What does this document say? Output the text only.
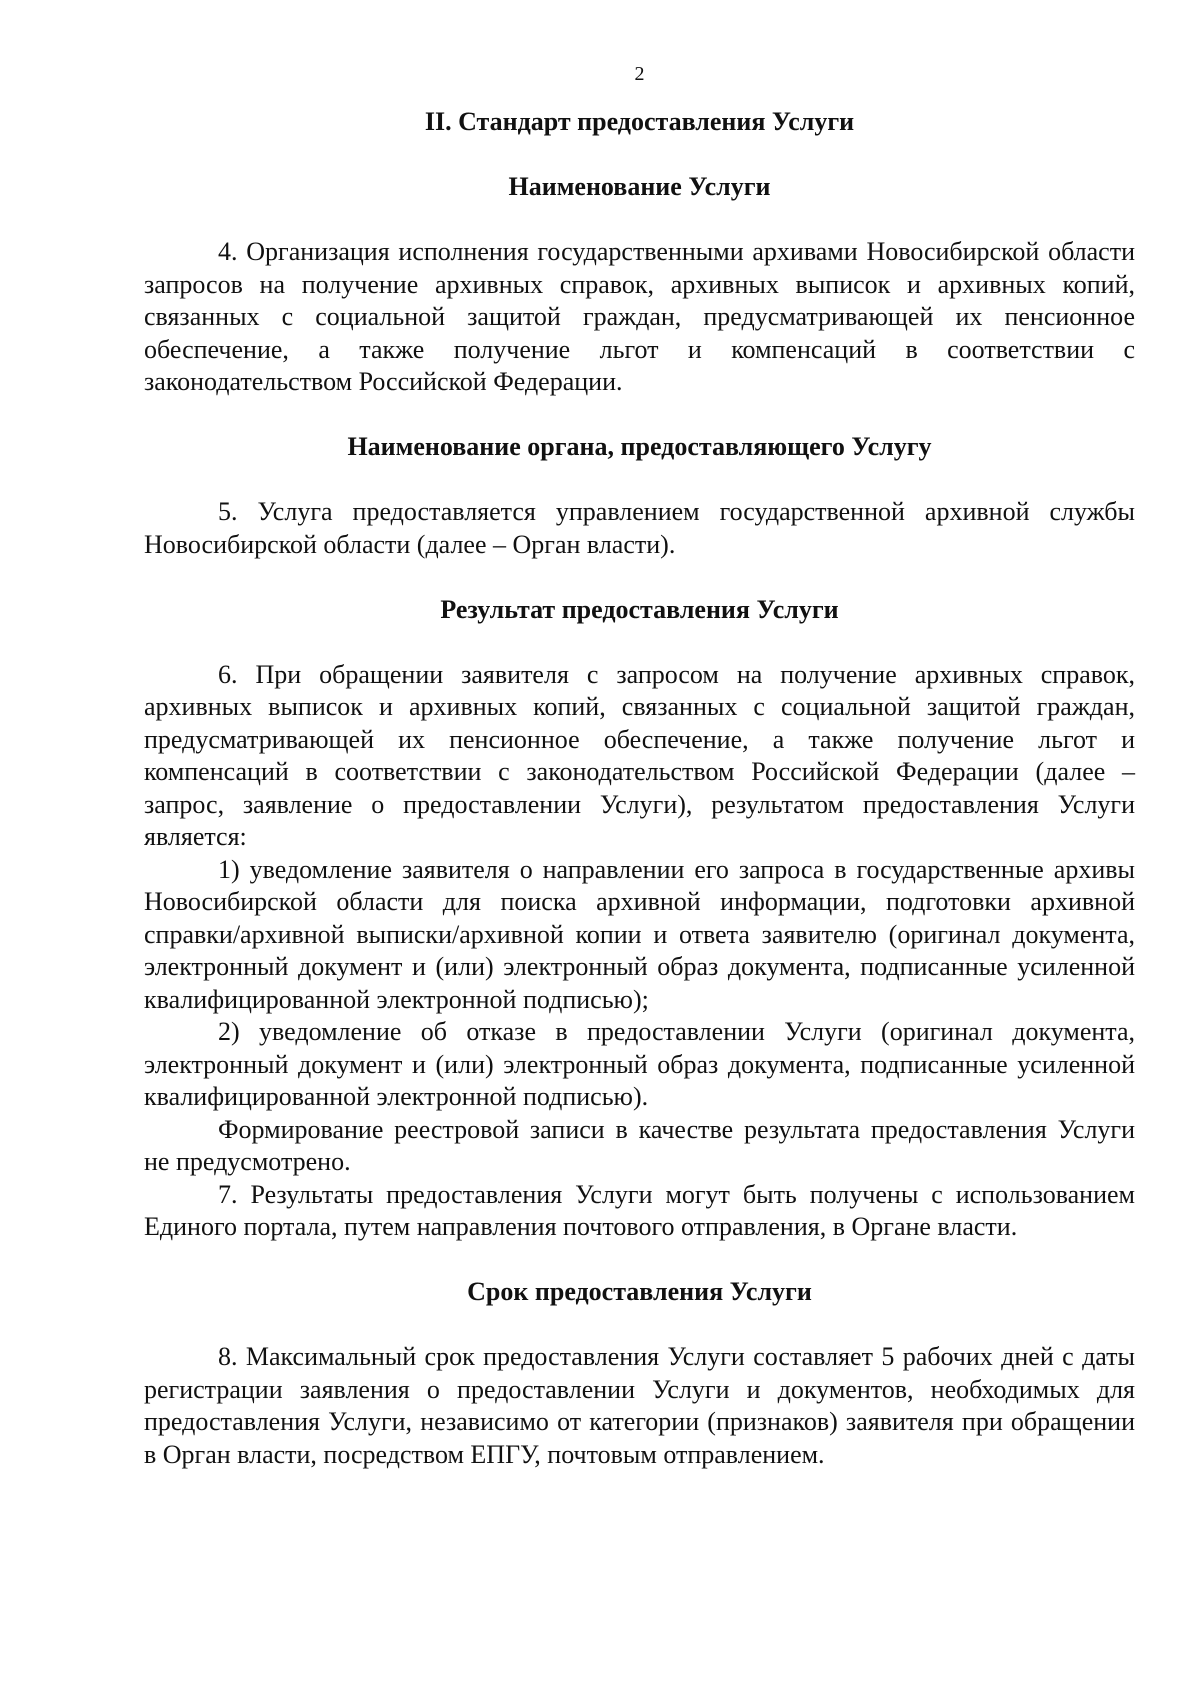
2
II. Стандарт предоставления Услуги
Наименование Услуги

4. Организация исполнения государственными архивами Новосибирской области запросов на получение архивных справок, архивных выписок и архивных копий, связанных с социальной защитой граждан, предусматривающей их пенсионное обеспечение, а также получение льгот и компенсаций в соответствии с законодательством Российской Федерации.

Наименование органа, предоставляющего Услугу

5. Услуга предоставляется управлением государственной архивной службы Новосибирской области (далее – Орган власти).

Результат предоставления Услуги

6. При обращении заявителя с запросом на получение архивных справок, архивных выписок и архивных копий, связанных с социальной защитой граждан, предусматривающей их пенсионное обеспечение, а также получение льгот и компенсаций в соответствии с законодательством Российской Федерации (далее – запрос, заявление о предоставлении Услуги), результатом предоставления Услуги является:

1) уведомление заявителя о направлении его запроса в государственные архивы Новосибирской области для поиска архивной информации, подготовки архивной справки/архивной выписки/архивной копии и ответа заявителю (оригинал документа, электронный документ и (или) электронный образ документа, подписанные усиленной квалифицированной электронной подписью);

2) уведомление об отказе в предоставлении Услуги (оригинал документа, электронный документ и (или) электронный образ документа, подписанные усиленной квалифицированной электронной подписью).

Формирование реестровой записи в качестве результата предоставления Услуги не предусмотрено.

7. Результаты предоставления Услуги могут быть получены с использованием Единого портала, путем направления почтового отправления, в Органе власти.

Срок предоставления Услуги

8. Максимальный срок предоставления Услуги составляет 5 рабочих дней с даты регистрации заявления о предоставлении Услуги и документов, необходимых для предоставления Услуги, независимо от категории (признаков) заявителя при обращении в Орган власти, посредством ЕПГУ, почтовым отправлением.
